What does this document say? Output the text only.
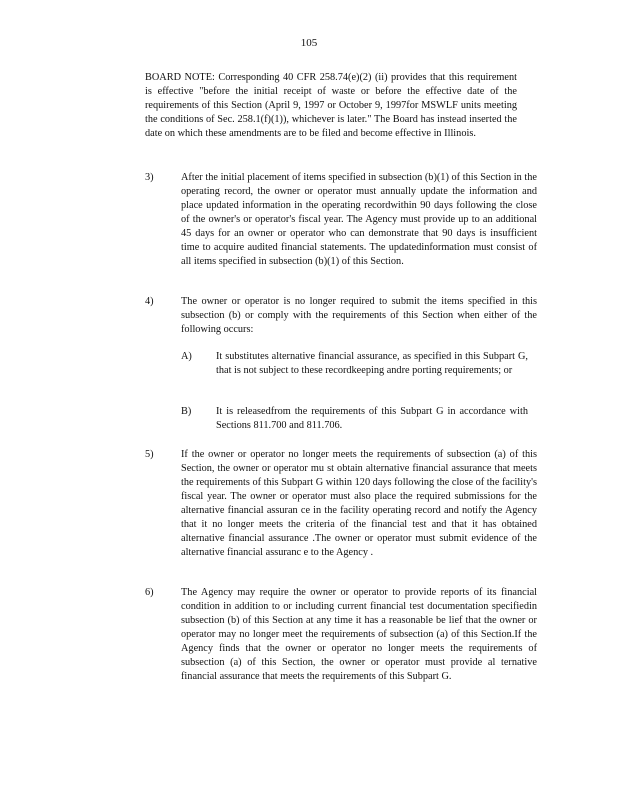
105

BOARD NOTE: Corresponding 40 CFR 258.74(e)(2) (ii) provides that this requirement is effective "before the initial receipt of waste or before the effective date of the requirements of this Section (April 9, 1997 or October 9, 1997for MSWLF units meeting the conditions of Sec. 258.1(f)(1)), whichever is later." The Board has instead inserted the date on which these amendments are to be filed and become effective in Illinois.

3)	After the initial placement of items specified in subsection (b)(1) of this Section in the operating record, the owner or operator must annually update the information and place updated information in the operating recordwithin 90 days following the close of the owner's or operator's fiscal year. The Agency must provide up to an additional 45 days for an owner or operator who can demonstrate that 90 days is insufficient time to acquire audited financial statements. The updatedinformation must consist of all items specified in subsection (b)(1) of this Section.

4)	The owner or operator is no longer required to submit the items specified in this subsection (b) or comply with the requirements of this Section when either of the following occurs:

A) It substitutes alternative financial assurance, as specified in this Subpart G, that is not subject to these recordkeeping andre porting requirements; or

B) It is releasedfrom the requirements of this Subpart G in accordance with Sections 811.700 and 811.706.

5)	If the owner or operator no longer meets the requirements of subsection (a) of this Section, the owner or operator mu st obtain alternative financial assurance that meets the requirements of this Subpart G within 120 days following the close of the facility's fiscal year. The owner or operator must also place the required submissions for the alternative financial assuran ce in the facility operating record and notify the Agency that it no longer meets the criteria of the financial test and that it has obtained alternative financial assurance .The owner or operator must submit evidence of the alternative financial assuranc e to the Agency .

6)	The Agency may require the owner or operator to provide reports of its financial condition in addition to or including current financial test documentation specifiedin subsection (b) of this Section at any time it has a reasonable be lief that the owner or operator may no longer meet the requirements of subsection (a) of this Section.If the Agency finds that the owner or operator no longer meets the requirements of subsection (a) of this Section, the owner or operator must provide al ternative financial assurance that meets the requirements of this Subpart G.
